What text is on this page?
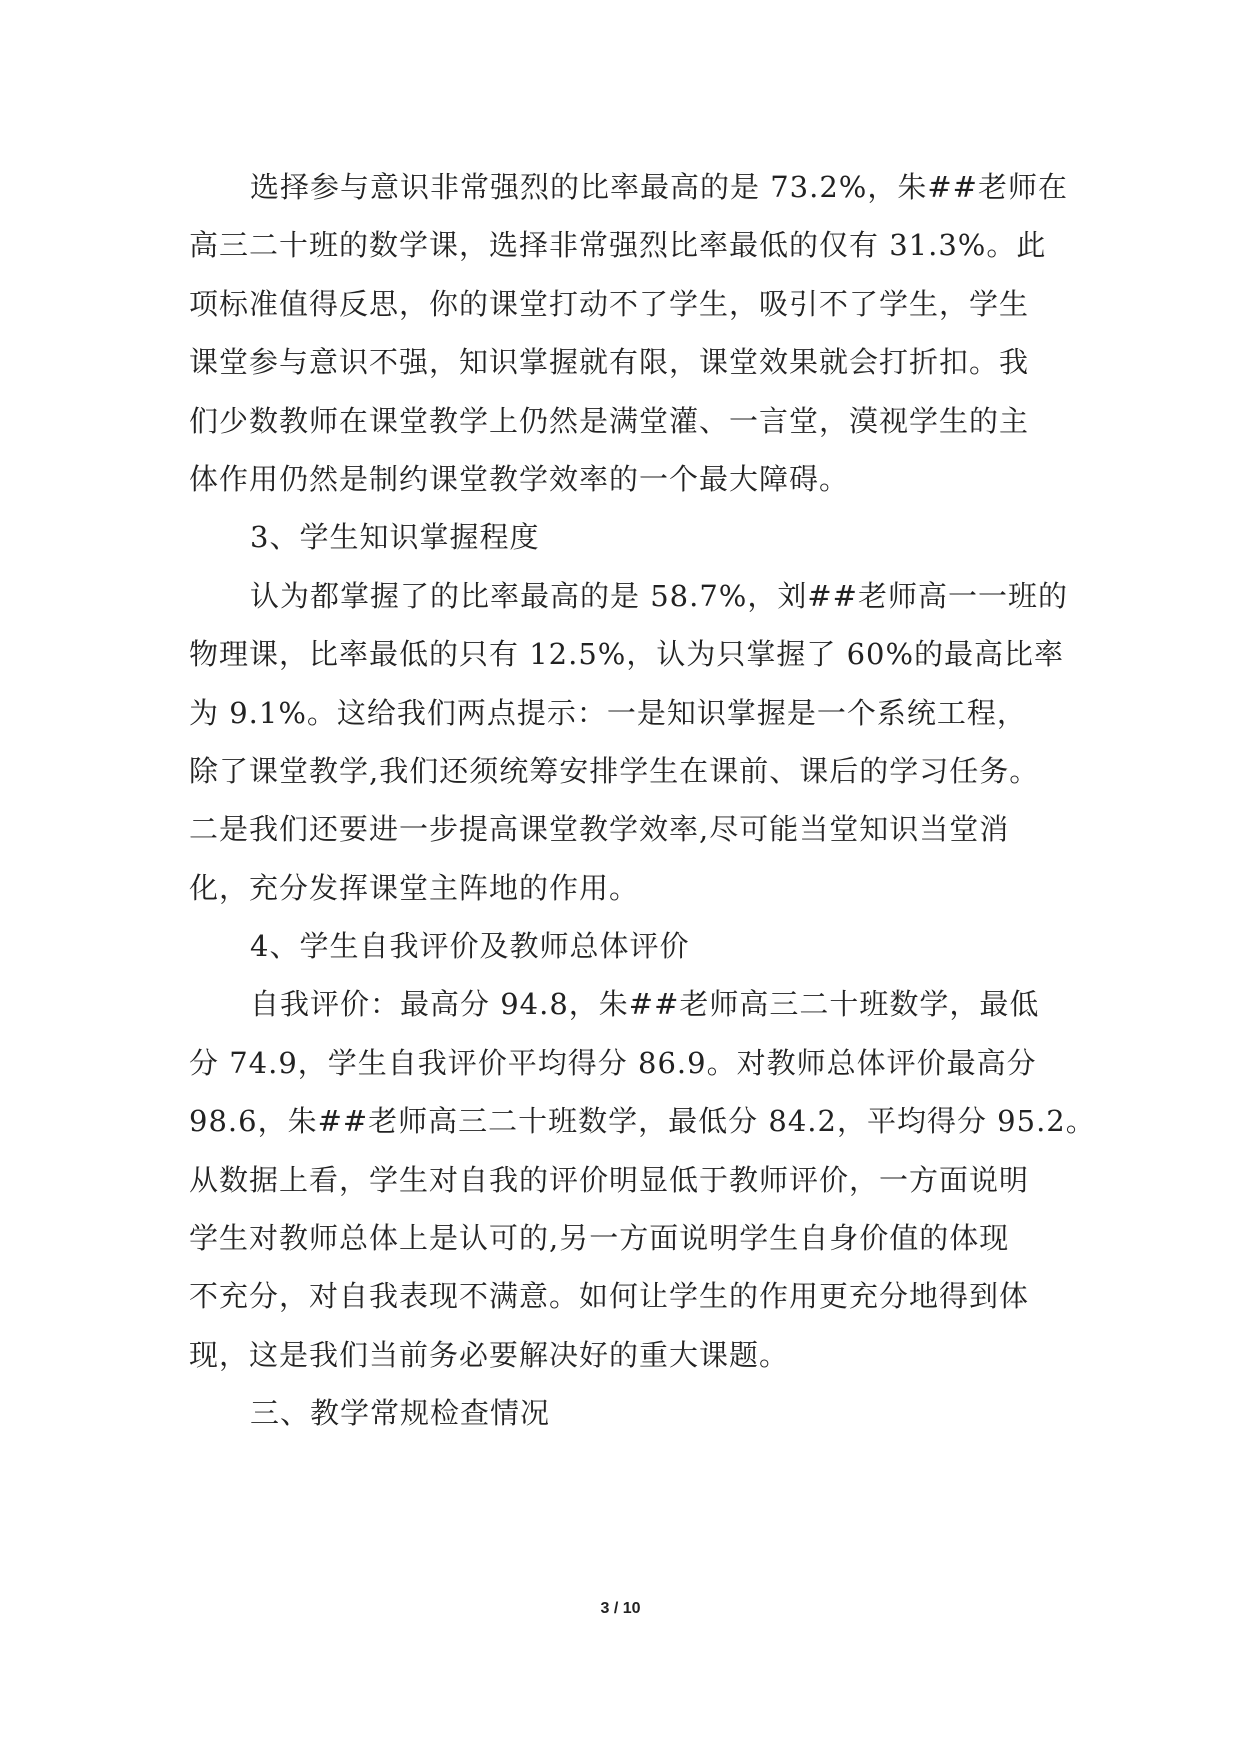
选择参与意识非常强烈的比率最高的是 73.2%，朱##老师在
高三二十班的数学课，选择非常强烈比率最低的仅有 31.3%。此
项标准值得反思，你的课堂打动不了学生，吸引不了学生，学生
课堂参与意识不强，知识掌握就有限，课堂效果就会打折扣。我
们少数教师在课堂教学上仍然是满堂灌、一言堂，漠视学生的主
体作用仍然是制约课堂教学效率的一个最大障碍。
3、学生知识掌握程度
认为都掌握了的比率最高的是 58.7%，刘##老师高一一班的
物理课，比率最低的只有 12.5%，认为只掌握了 60%的最高比率
为 9.1%。这给我们两点提示：一是知识掌握是一个系统工程，
除了课堂教学,我们还须统筹安排学生在课前、课后的学习任务。
二是我们还要进一步提高课堂教学效率,尽可能当堂知识当堂消
化，充分发挥课堂主阵地的作用。
4、学生自我评价及教师总体评价
自我评价：最高分 94.8，朱##老师高三二十班数学，最低
分 74.9，学生自我评价平均得分 86.9。对教师总体评价最高分
98.6，朱##老师高三二十班数学，最低分 84.2，平均得分 95.2。
从数据上看，学生对自我的评价明显低于教师评价，一方面说明
学生对教师总体上是认可的,另一方面说明学生自身价值的体现
不充分，对自我表现不满意。如何让学生的作用更充分地得到体
现，这是我们当前务必要解决好的重大课题。
三、教学常规检查情况
3 / 10
